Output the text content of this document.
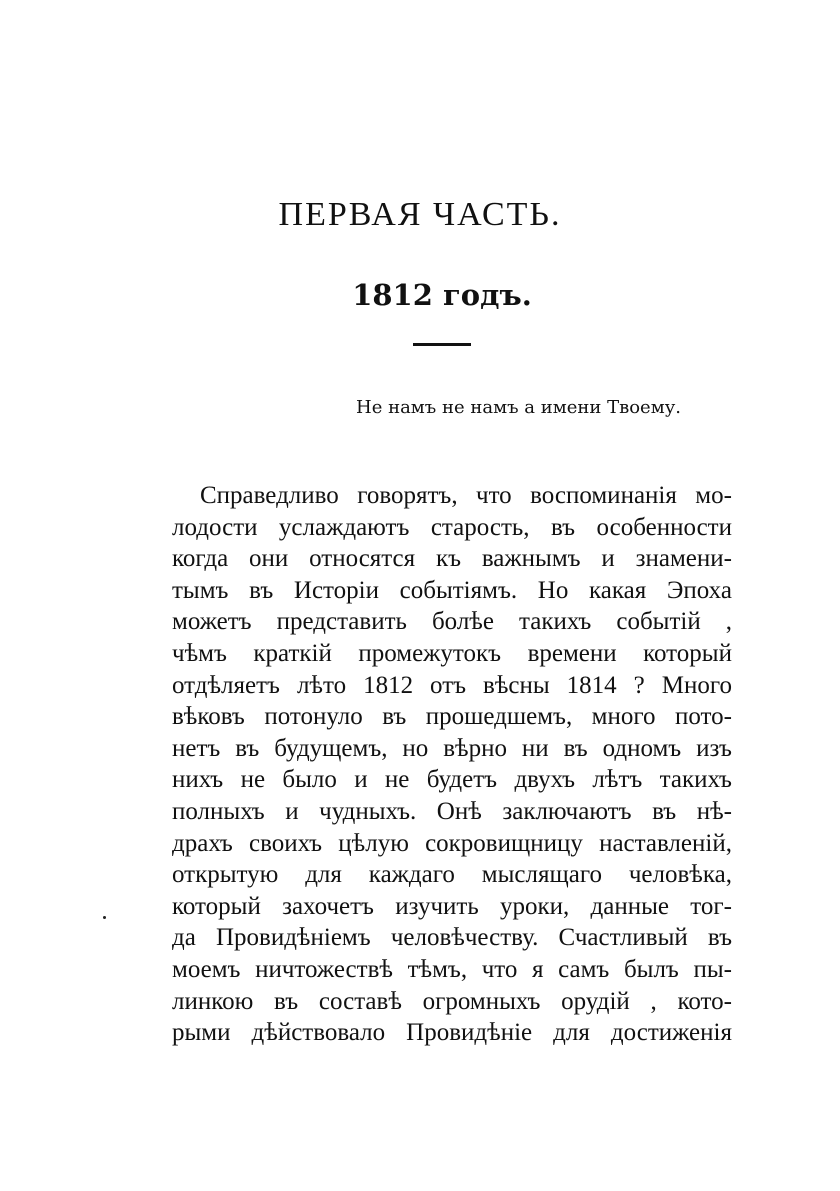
ПЕРВАЯ ЧАСТЬ.
1812 годъ.

Не намъ не намъ а имени Твоему.

Справедливо говорятъ, что воспоминанія мо-
лодости услаждаютъ старость, въ особенности
когда они относятся къ важнымъ и знамени-
тымъ въ Исторіи событіямъ. Но какая Эпоха
можетъ представить болѣе такихъ событій ,
чѣмъ краткій промежутокъ времени который
отдѣляетъ лѣто 1812 отъ вѣсны 1814 ? Много
вѣковъ потонуло въ прошедшемъ, много пото-
нетъ въ будущемъ, но вѣрно ни въ одномъ изъ
нихъ не было и не будетъ двухъ лѣтъ такихъ
полныхъ и чудныхъ. Онѣ заключаютъ въ нѣ-
драхъ своихъ цѣлую сокровищницу наставленій,
открытую для каждаго мыслящаго человѣка,
который захочетъ изучить уроки, данные тог-
да Провидѣніемъ человѣчеству. Счастливый въ
моемъ ничтожествѣ тѣмъ, что я самъ былъ пы-
линкою въ составѣ огромныхъ орудій , кото-
рыми дѣйствовало Провидѣніе для достиженія
